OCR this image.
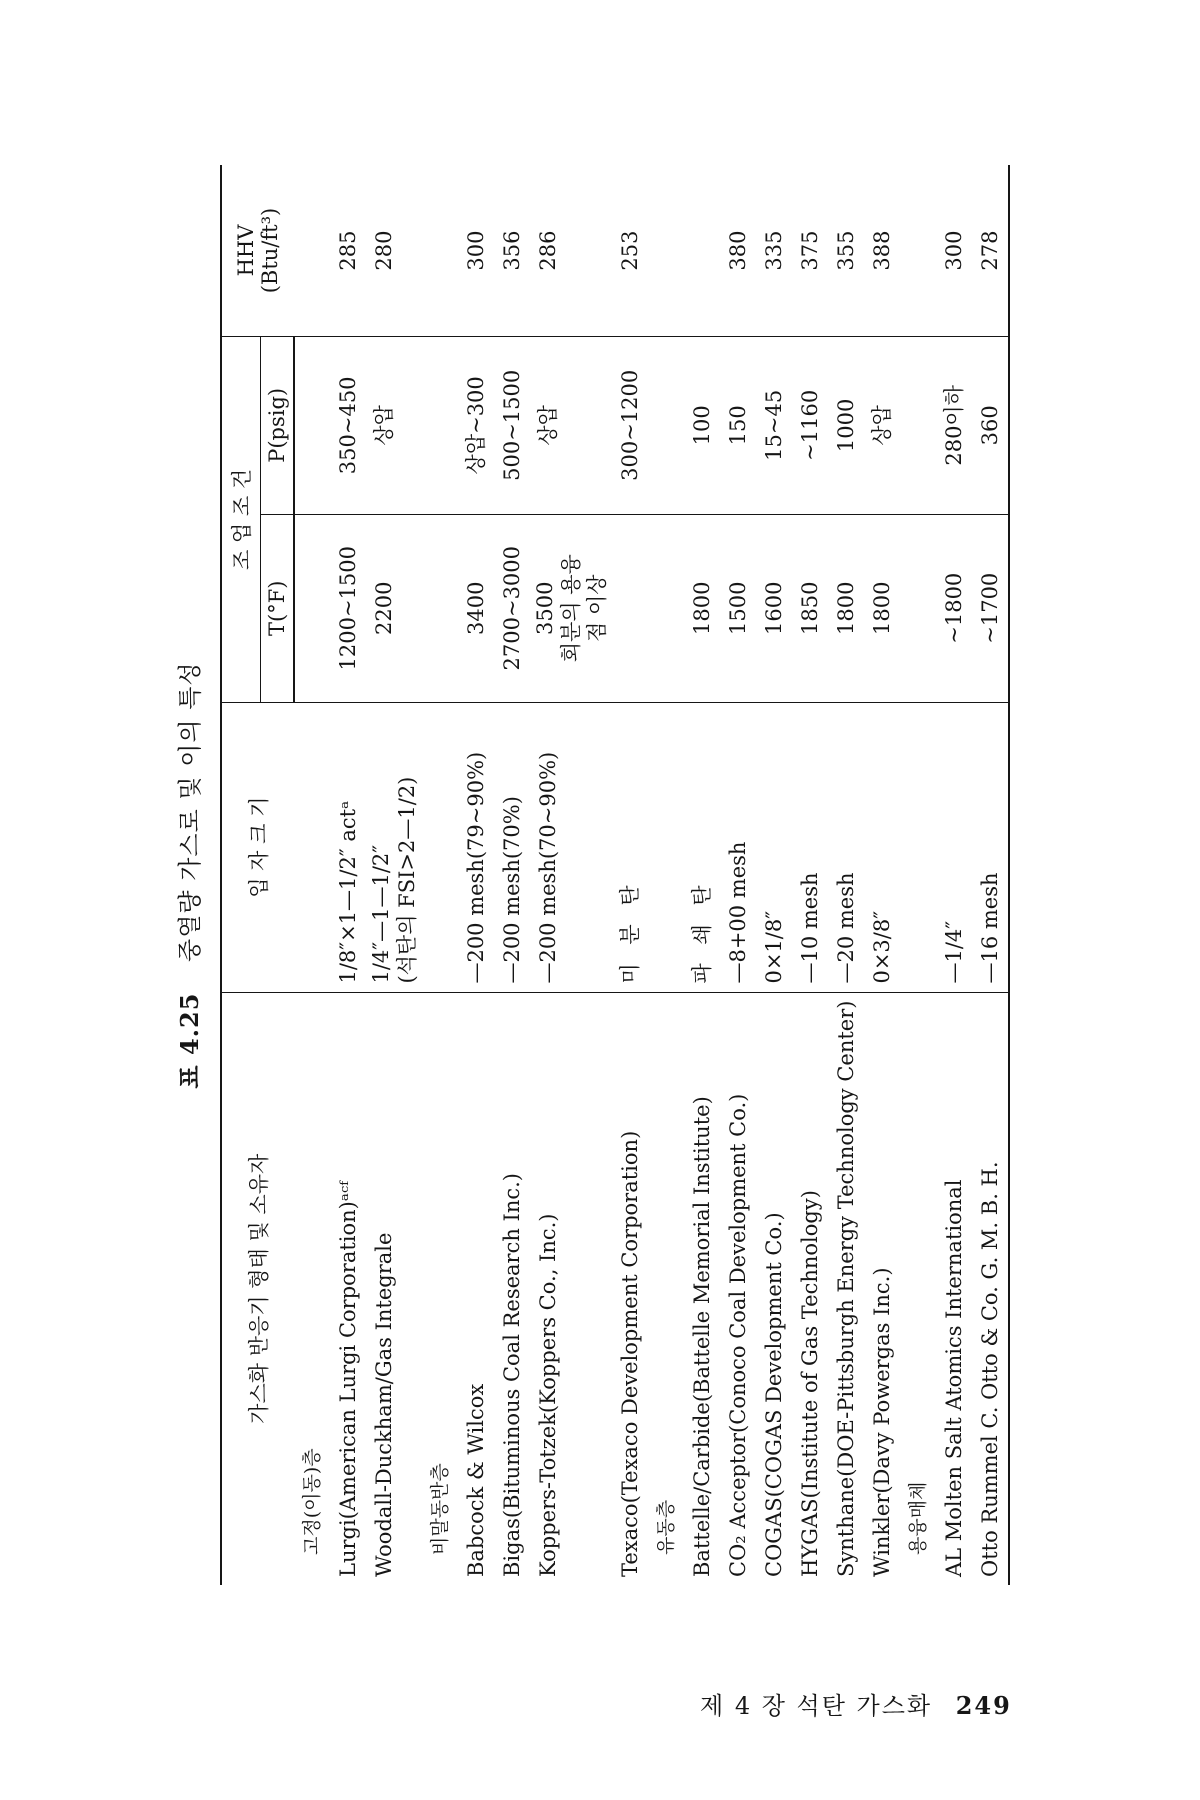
표 4.25 중열량 가스로 및 이의 특성
가스화 반응기 형태 및 소유자	입 자 크 기	조 업 조 건		HHV
(Btu/ft³)
		T(°F)	P(psig)	
고정(이동)층				
Lurgi(American Lurgi Corporation)ᵃᶜᶠ	1/8″×1—1/2″ actᵃ	1200~1500	350~450	285
Woodall-Duckham/Gas Integrale	1/4″—1—1/2″ (석탄의 FSI>2—1/2)	2200	상압	280
비말동반층				
Babcock & Wilcox	—200 mesh(79~90%)	3400	상압~300	300
Bigas(Bituminous Coal Research Inc.)	—200 mesh(70%)	2700~3000	500~1500	356
Koppers-Totzek(Koppers Co., Inc.)	—200 mesh(70~90%)	3500 회분의 용융 점 이상	상압	286
Texaco(Texaco Development Corporation)	미 분 탄		300~1200	253
유동층				
Battelle/Carbide(Battelle Memorial Institute)	파 쇄 탄	1800	100	
CO₂ Acceptor(Conoco Coal Development Co.)	—8+00 mesh	1500	150	380
COGAS(COGAS Development Co.)	0×1/8″	1600	15~45	335
HYGAS(Institute of Gas Technology)	—10 mesh	1850	~1160	375
Synthane(DOE-Pittsburgh Energy Technology Center)	—20 mesh	1800	1000	355
Winkler(Davy Powergas Inc.)	0×3/8″	1800	상압	388
용융매체				
AL Molten Salt Atomics International	—1/4″	~1800	280이하	300
Otto Rummel C. Otto & Co. G. M. B. H.	—16 mesh	~1700	360	278
제 4 장 석탄 가스화 249
